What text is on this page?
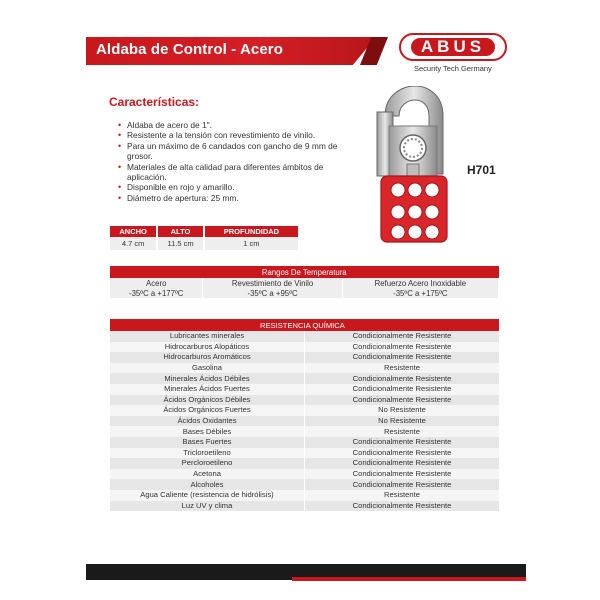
Aldaba de Control - Acero	ABUS
Security Tech Germany
Características:
• Aldaba de acero de 1".
• Resistente a la tensión con revestimiento de vinilo.
• Para un máximo de 6 candados con gancho de 9 mm de grosor.
• Materiales de alta calidad para diferentes ámbitos de aplicación.
• Disponible en rojo y amarillo.
• Diámetro de apertura: 25 mm.
H701
ANCHO	ALTO	PROFUNDIDAD
4.7 cm	11.5 cm	1 cm
Rangos De Temperatura		
Acero	Revestimiento de Vinilo	Refuerzo Acero Inoxidable
-35ºC a +177ºC	-35ºC a +95ºC	-35ºC a +175ºC
RESISTENCIA QUÍMICA	
Lubricantes minerales	Condicionalmente Resistente
Hidrocarburos Alopáticos	Condicionalmente Resistente
Hidrocarburos Aromáticos	Condicionalmente Resistente
Gasolina	Resistente
Minerales Ácidos Débiles	Condicionalmente Resistente
Minerales Ácidos Fuertes	Condicionalmente Resistente
Ácidos Orgánicos Débiles	Condicionalmente Resistente
Ácidos Orgánicos Fuertes	No Resistente
Ácidos Oxidantes	No Resistente
Bases Débiles	Resistente
Bases Fuertes	Condicionalmente Resistente
Tricloroetileno	Condicionalmente Resistente
Percloroetileno	Condicionalmente Resistente
Acetona	Condicionalmente Resistente
Alcoholes	Condicionalmente Resistente
Agua Caliente (resistencia de hidrólisis)	Resistente
Luz UV y clima	Condicionalmente Resistente
